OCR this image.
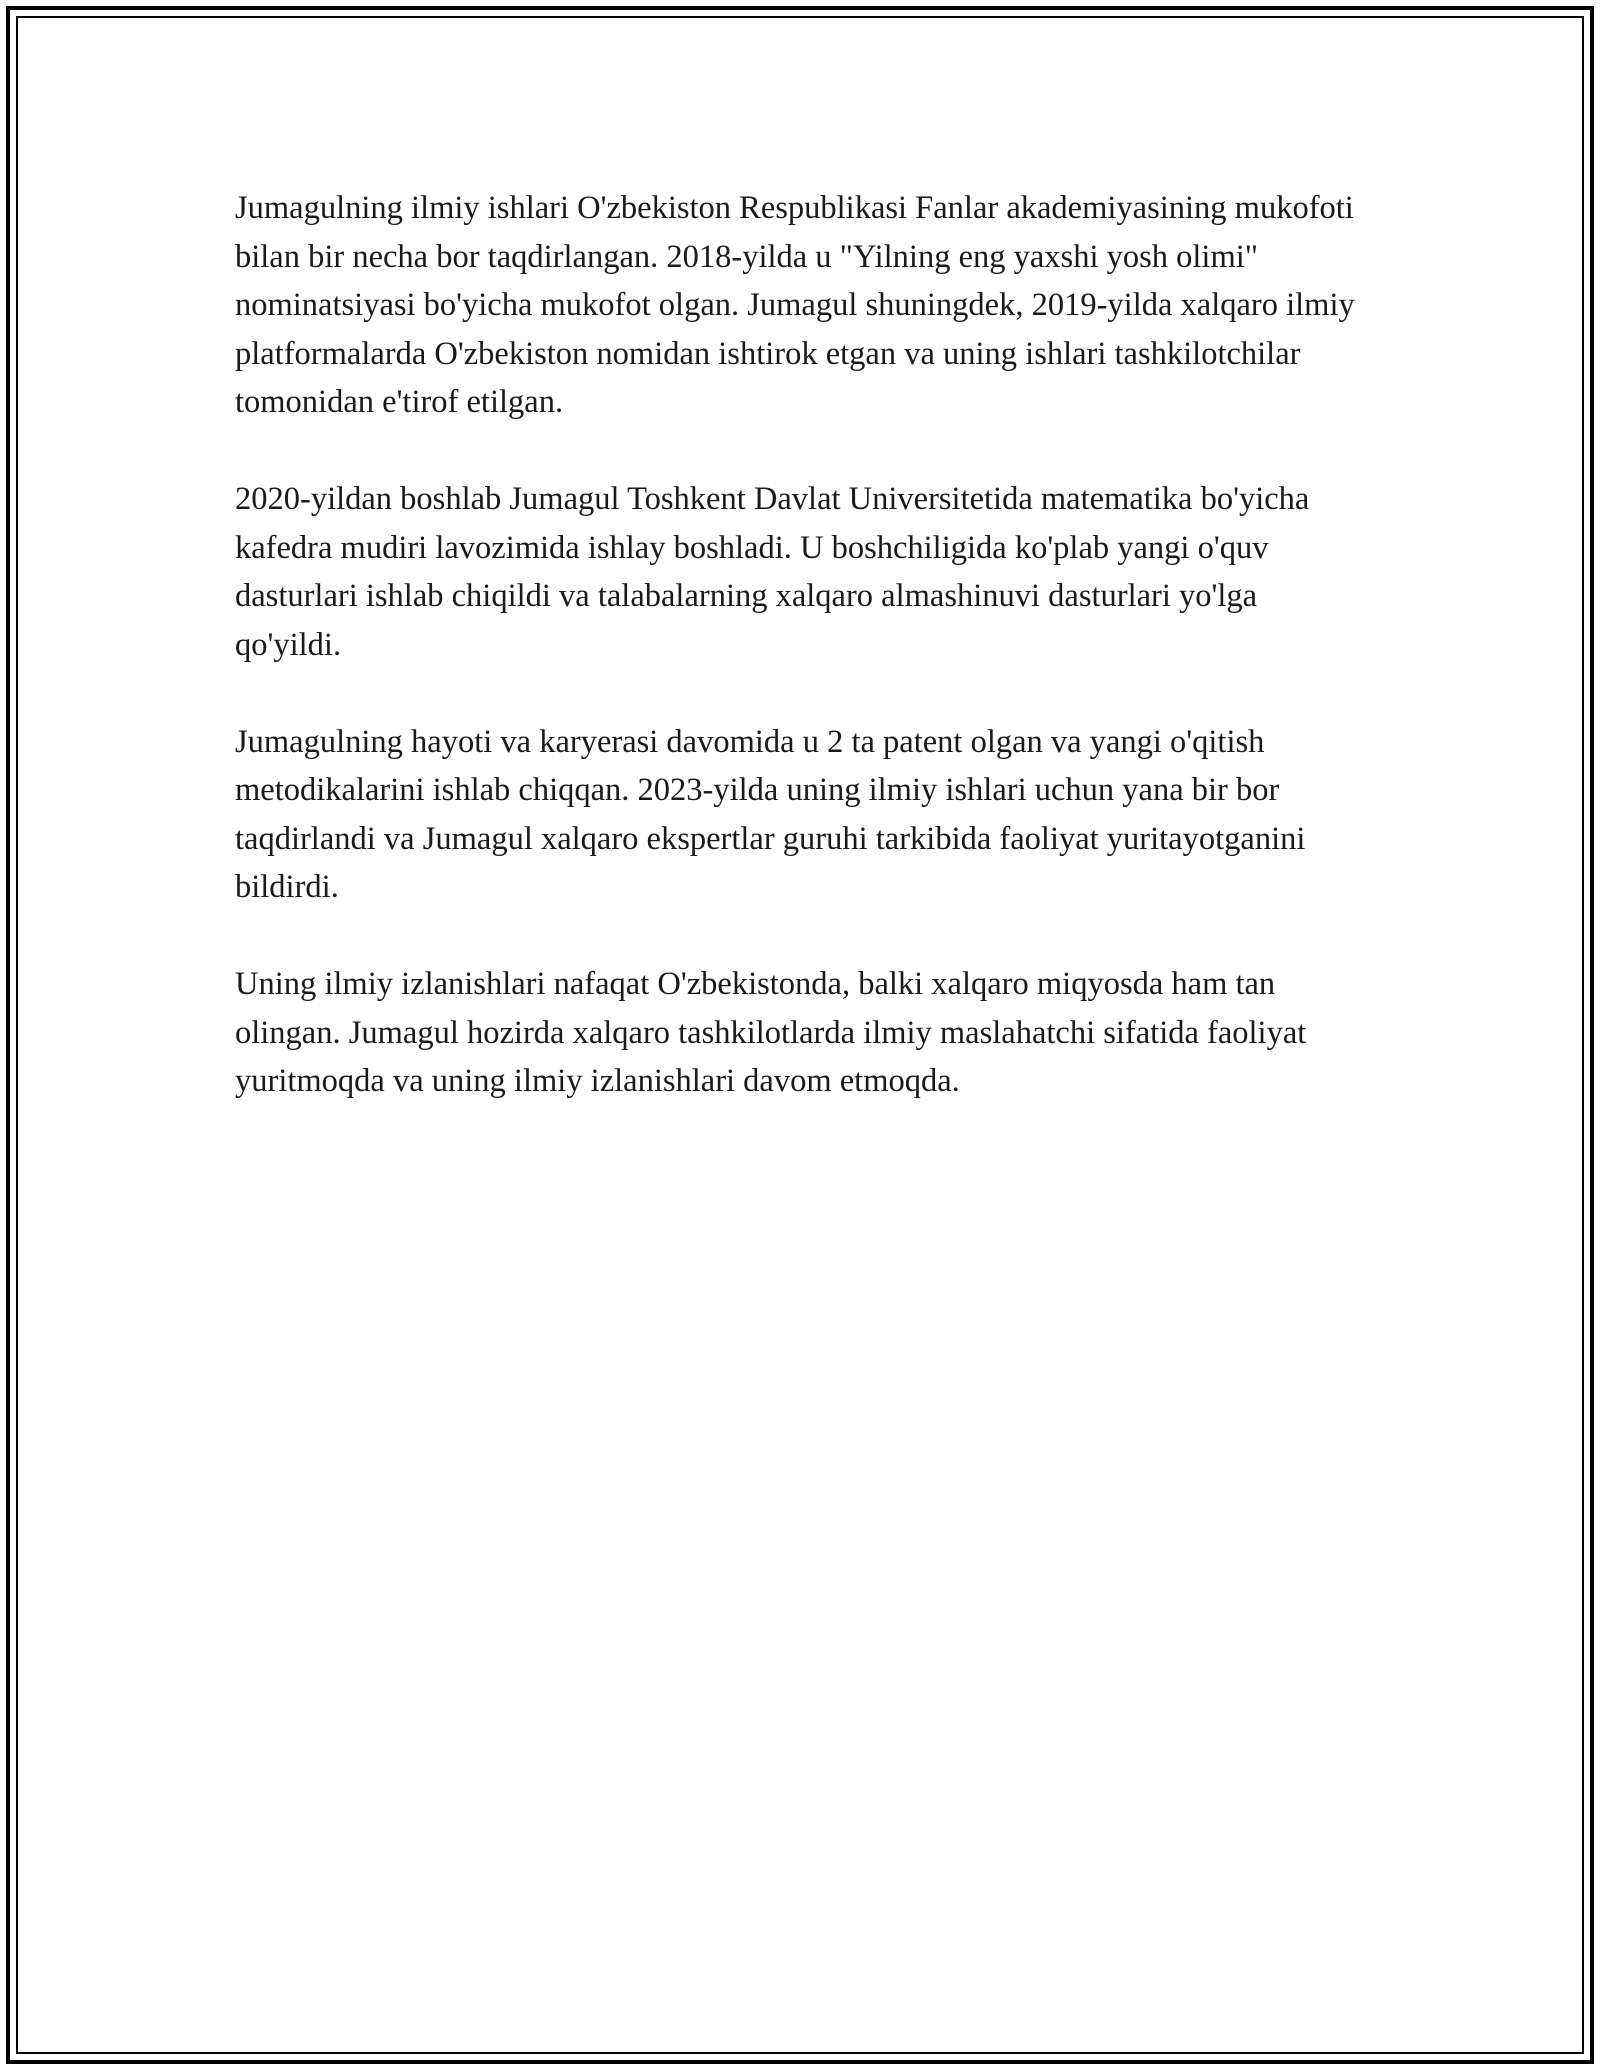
Jumagulning ilmiy ishlari O'zbekiston Respublikasi Fanlar akademiyasining mukofoti bilan bir necha bor taqdirlangan. 2018-yilda u "Yilning eng yaxshi yosh olimi" nominatsiyasi bo'yicha mukofot olgan. Jumagul shuningdek, 2019-yilda xalqaro ilmiy platformalarda O'zbekiston nomidan ishtirok etgan va uning ishlari tashkilotchilar tomonidan e'tirof etilgan.

2020-yildan boshlab Jumagul Toshkent Davlat Universitetida matematika bo'yicha kafedra mudiri lavozimida ishlay boshladi. U boshchiligida ko'plab yangi o'quv dasturlari ishlab chiqildi va talabalarning xalqaro almashinuvi dasturlari yo'lga qo'yildi.

Jumagulning hayoti va karyerasi davomida u 2 ta patent olgan va yangi o'qitish metodikalarini ishlab chiqqan. 2023-yilda uning ilmiy ishlari uchun yana bir bor taqdirlandi va Jumagul xalqaro ekspertlar guruhi tarkibida faoliyat yuritayotganini bildirdi.

Uning ilmiy izlanishlari nafaqat O'zbekistonda, balki xalqaro miqyosda ham tan olingan. Jumagul hozirda xalqaro tashkilotlarda ilmiy maslahatchi sifatida faoliyat yuritmoqda va uning ilmiy izlanishlari davom etmoqda.
